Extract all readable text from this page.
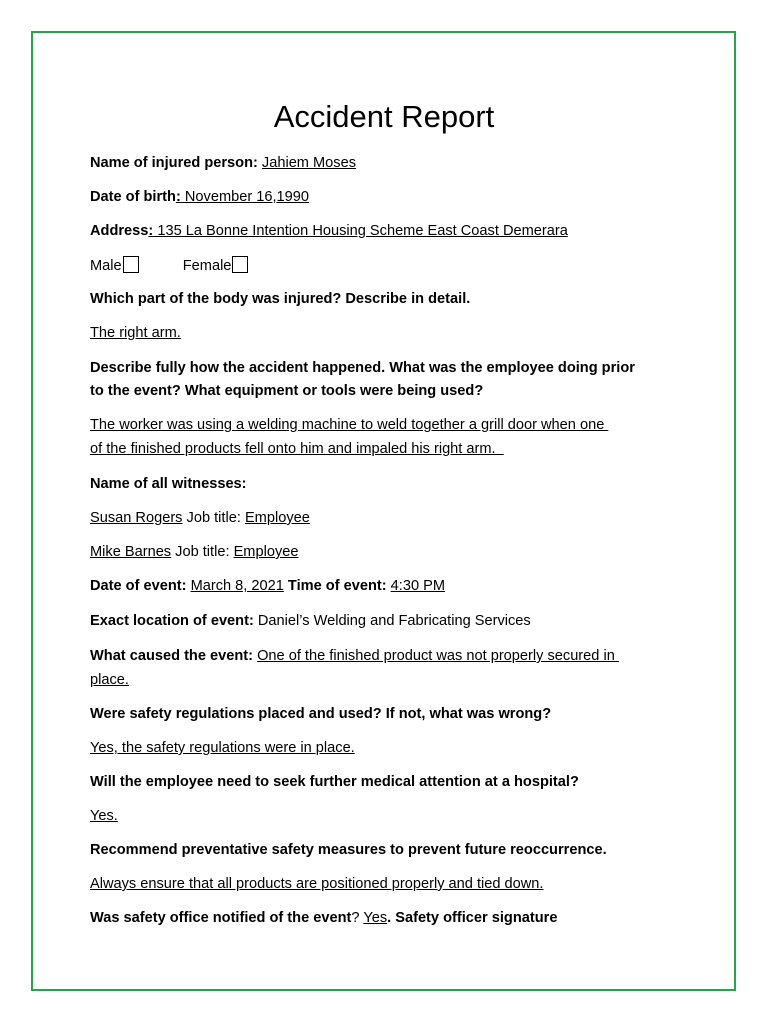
Accident Report
Name of injured person: Jahiem Moses
Date of birth: November 16,1990
Address: 135 La Bonne Intention Housing Scheme East Coast Demerara
Male	Female
Which part of the body was injured? Describe in detail.
The right arm.
Describe fully how the accident happened. What was the employee doing prior
to the event? What equipment or tools were being used?
The worker was using a welding machine to weld together a grill door when one
of the finished products fell onto him and impaled his right arm.
Name of all witnesses:
Susan Rogers Job title: Employee
Mike Barnes Job title: Employee
Date of event: March 8, 2021 Time of event: 4:30 PM
Exact location of event: Daniel’s Welding and Fabricating Services
What caused the event: One of the finished product was not properly secured in
place.
Were safety regulations placed and used? If not, what was wrong?
Yes, the safety regulations were in place.
Will the employee need to seek further medical attention at a hospital?
Yes.
Recommend preventative safety measures to prevent future reoccurrence.
Always ensure that all products are positioned properly and tied down.
Was safety office notified of the event? Yes. Safety officer signature
